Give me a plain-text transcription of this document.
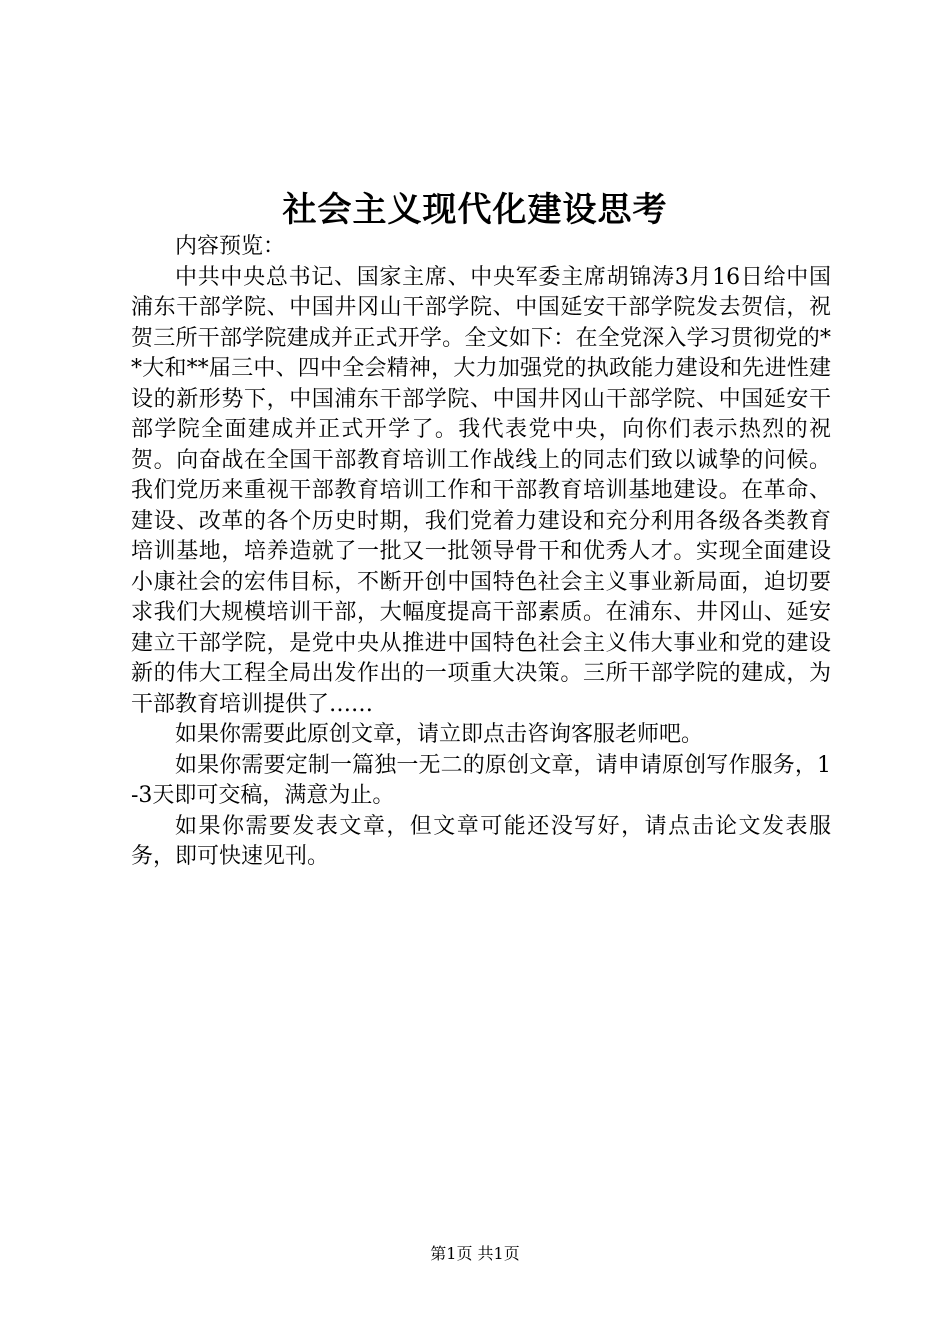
社会主义现代化建设思考

内容预览：

中共中央总书记、国家主席、中央军委主席胡锦涛3月16日给中国浦东干部学院、中国井冈山干部学院、中国延安干部学院发去贺信，祝贺三所干部学院建成并正式开学。全文如下：在全党深入学习贯彻党的**大和**届三中、四中全会精神，大力加强党的执政能力建设和先进性建设的新形势下，中国浦东干部学院、中国井冈山干部学院、中国延安干部学院全面建成并正式开学了。我代表党中央，向你们表示热烈的祝贺。向奋战在全国干部教育培训工作战线上的同志们致以诚挚的问候。我们党历来重视干部教育培训工作和干部教育培训基地建设。在革命、建设、改革的各个历史时期，我们党着力建设和充分利用各级各类教育培训基地，培养造就了一批又一批领导骨干和优秀人才。实现全面建设小康社会的宏伟目标，不断开创中国特色社会主义事业新局面，迫切要求我们大规模培训干部，大幅度提高干部素质。在浦东、井冈山、延安建立干部学院，是党中央从推进中国特色社会主义伟大事业和党的建设新的伟大工程全局出发作出的一项重大决策。三所干部学院的建成，为干部教育培训提供了……

如果你需要此原创文章，请立即点击咨询客服老师吧。

如果你需要定制一篇独一无二的原创文章，请申请原创写作服务，1-3天即可交稿，满意为止。

如果你需要发表文章，但文章可能还没写好，请点击论文发表服务，即可快速见刊。

第1页 共1页
